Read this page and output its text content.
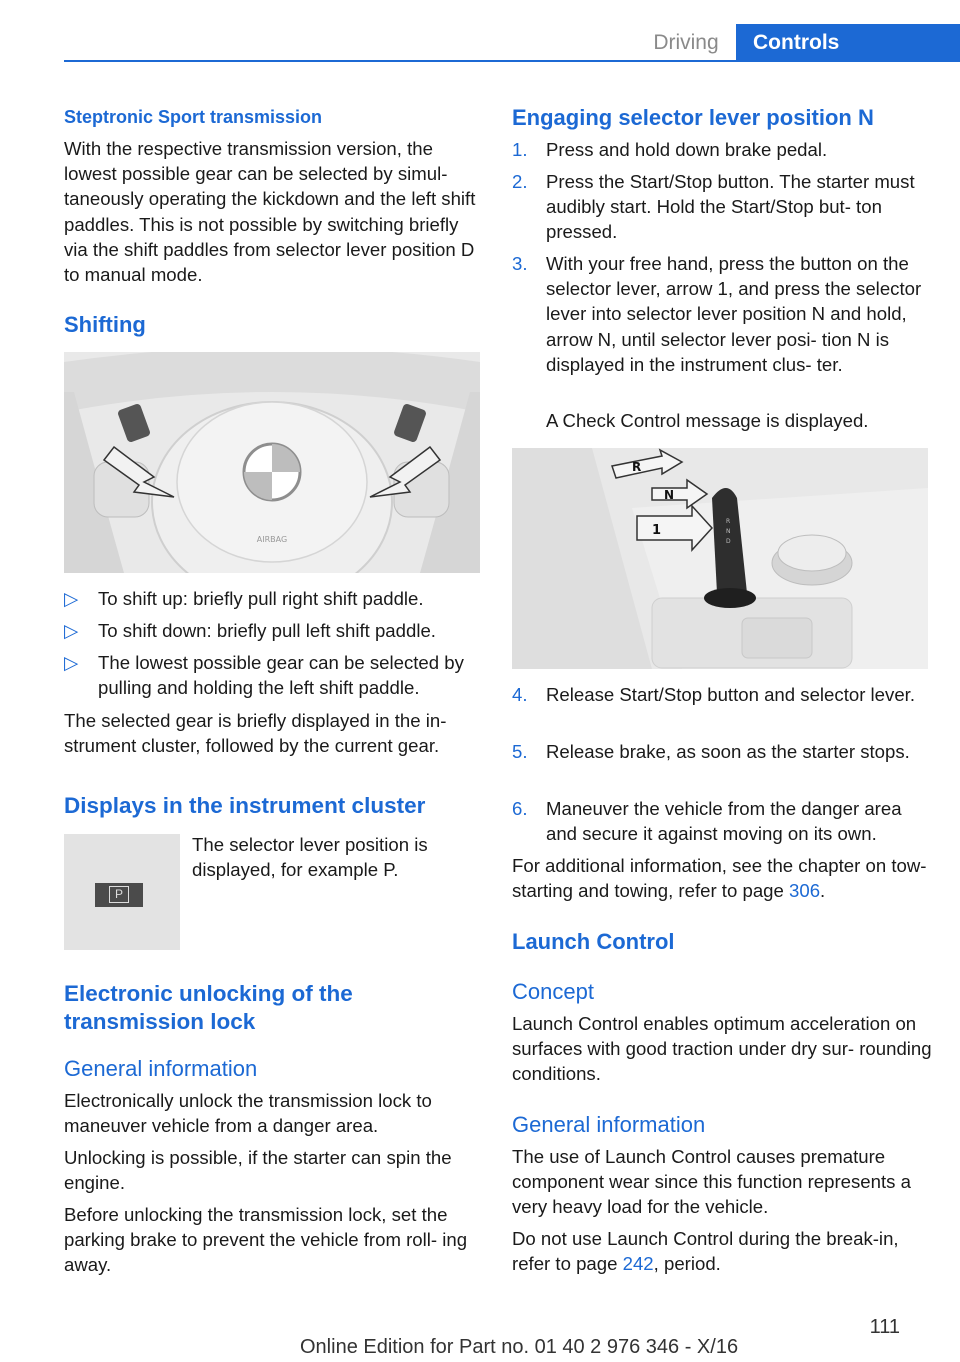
Driving	Controls
Steptronic Sport transmission
With the respective transmission version, the lowest possible gear can be selected by simul- taneously operating the kickdown and the left shift paddles. This is not possible by switching briefly via the shift paddles from selector lever position D to manual mode.
Shifting
AIRBAG
▷ To shift up: briefly pull right shift paddle.
▷ To shift down: briefly pull left shift paddle.
▷ The lowest possible gear can be selected by pulling and holding the left shift paddle.
The selected gear is briefly displayed in the in- strument cluster, followed by the current gear.
Displays in the instrument cluster
P
The selector lever position is displayed, for example P.
Electronic unlocking of the transmission lock
General information
Electronically unlock the transmission lock to maneuver vehicle from a danger area.
Unlocking is possible, if the starter can spin the engine.
Before unlocking the transmission lock, set the parking brake to prevent the vehicle from roll- ing away.
Engaging selector lever position N
1. Press and hold down brake pedal.
2. Press the Start/Stop button. The starter must audibly start. Hold the Start/Stop but- ton pressed.
3. With your free hand, press the button on the selector lever, arrow 1, and press the selector lever into selector lever position N and hold, arrow N, until selector lever posi- tion N is displayed in the instrument clus- ter.
A Check Control message is displayed.
R
N
D
R
N
1
4. Release Start/Stop button and selector lever.
5. Release brake, as soon as the starter stops.
6. Maneuver the vehicle from the danger area and secure it against moving on its own.
For additional information, see the chapter on tow-starting and towing, refer to page 306.
Launch Control
Concept
Launch Control enables optimum acceleration on surfaces with good traction under dry sur- rounding conditions.
General information
The use of Launch Control causes premature component wear since this function represents a very heavy load for the vehicle.
Do not use Launch Control during the break-in, refer to page 242, period.
111
Online Edition for Part no. 01 40 2 976 346 - X/16
